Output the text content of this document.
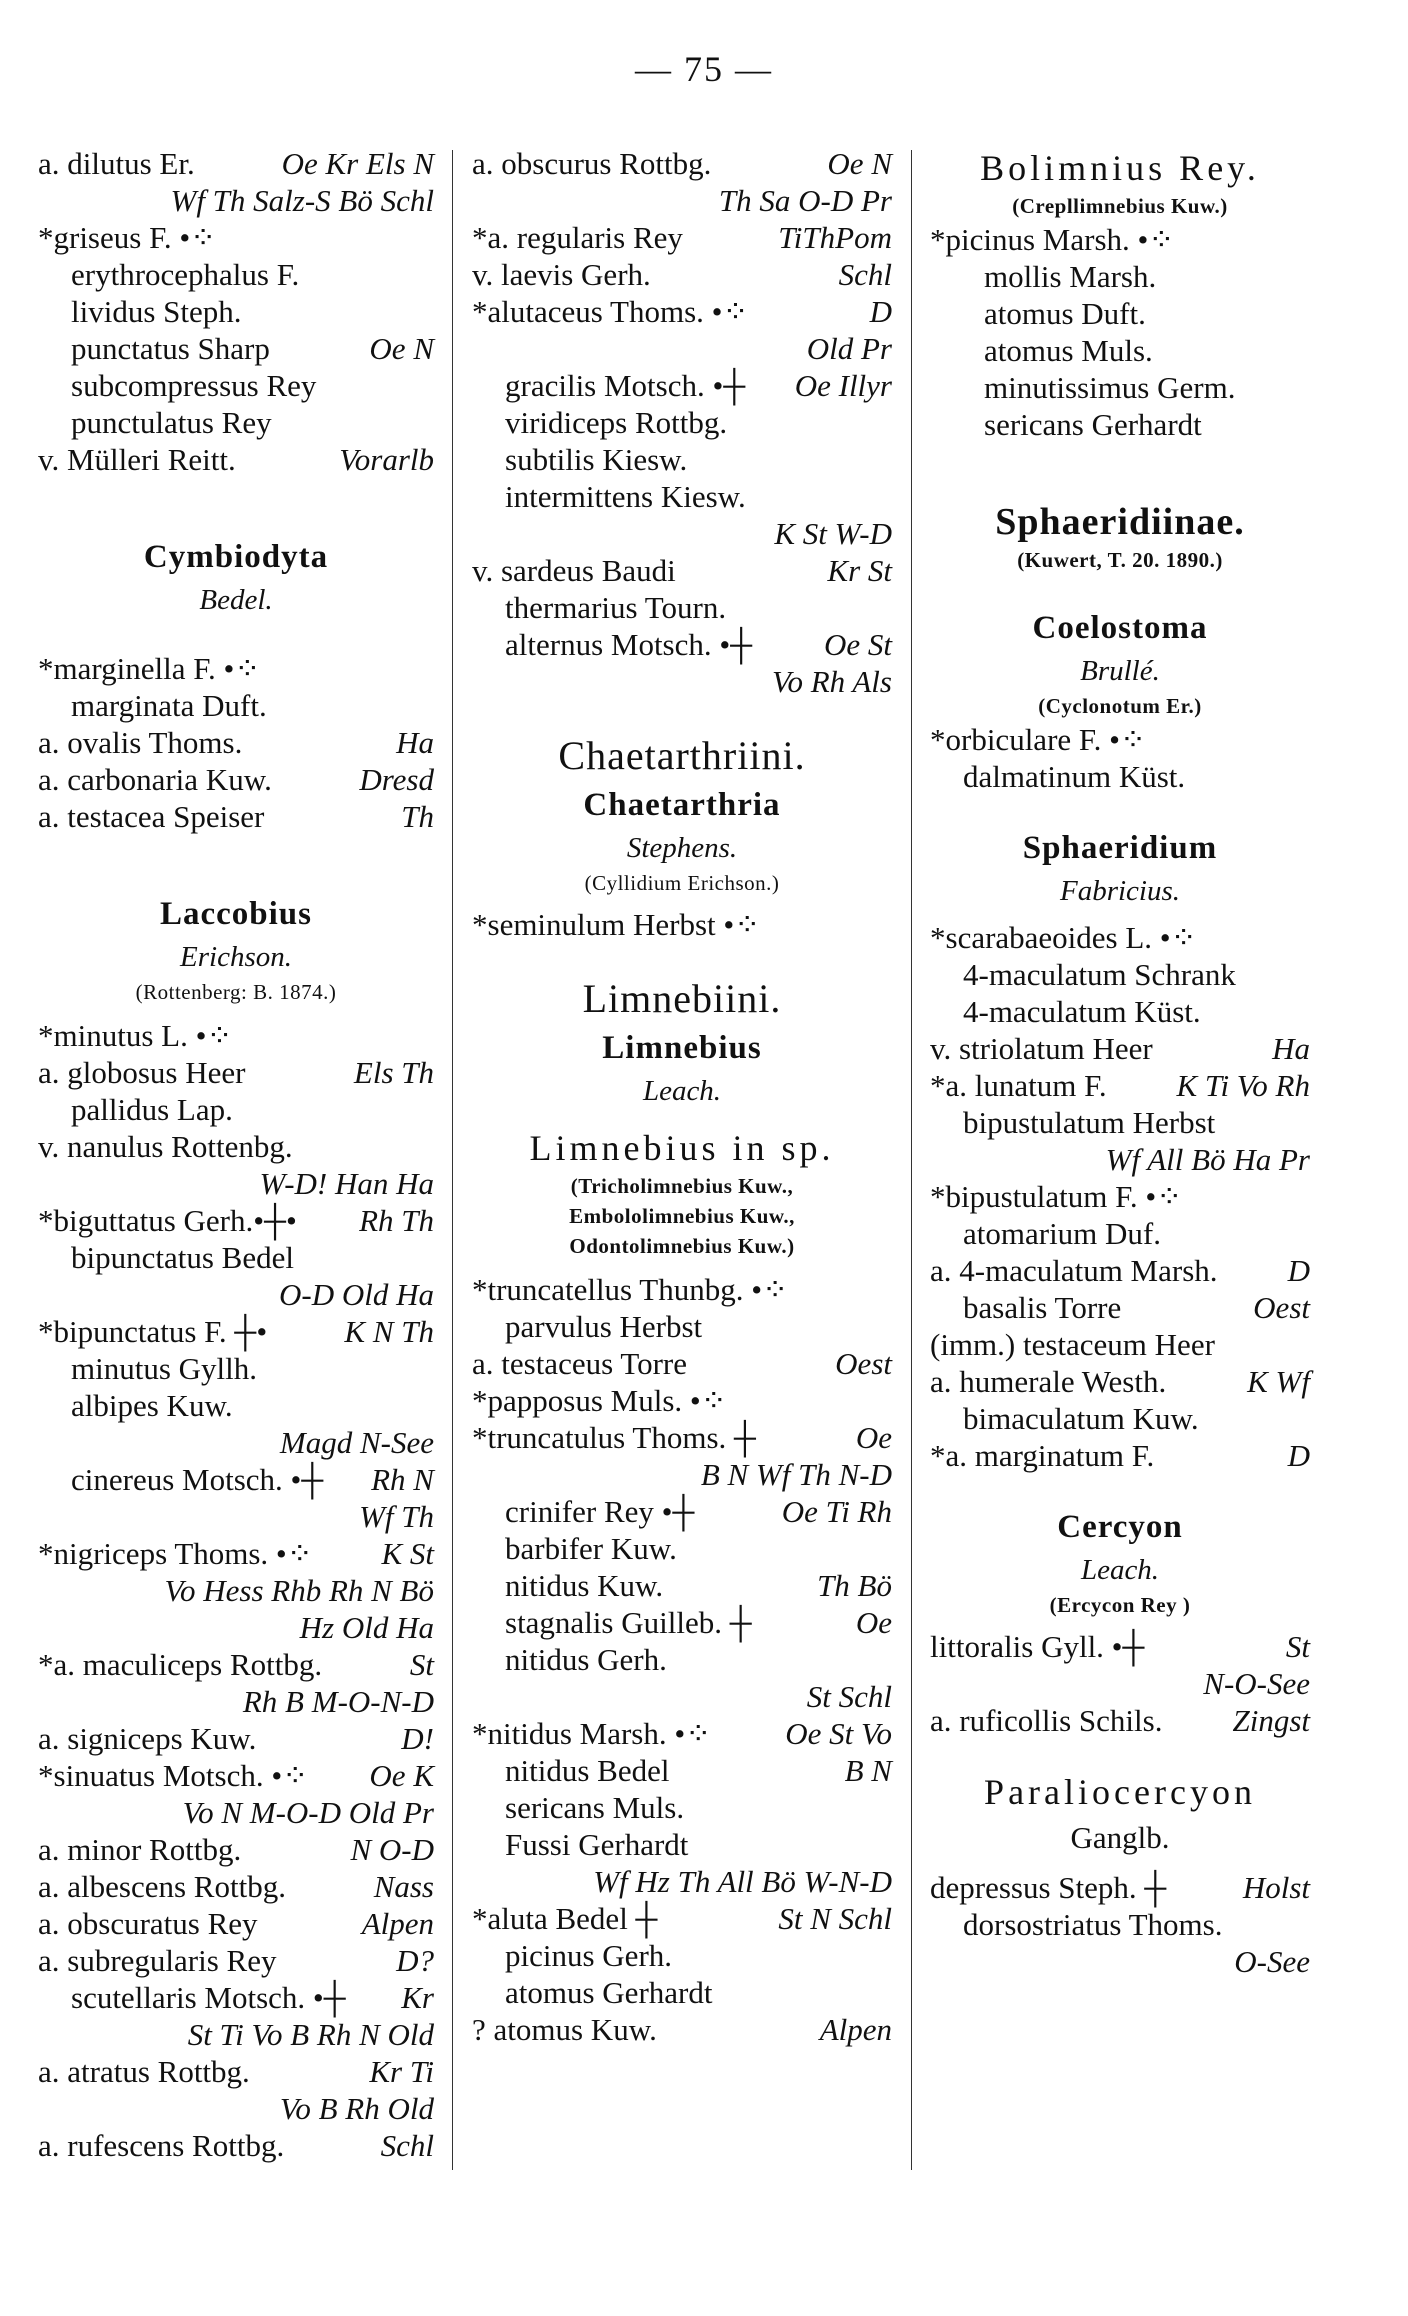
— 75 —
a. dilutus Er.	Oe Kr Els N
Wf Th Salz-S Bö Schl
*griseus F. •⁘
erythrocephalus F.
lividus Steph.
punctatus Sharp	Oe N
subcompressus Rey
punctulatus Rey
v. Mülleri Reitt.	Vorarlb
Cymbiodyta
Bedel.
*marginella F. •⁘
marginata Duft.
a. ovalis Thoms.	Ha
a. carbonaria Kuw.	Dresd
a. testacea Speiser	Th
Laccobius
Erichson.
(Rottenberg: B. 1874.)
*minutus L. •⁘
a. globosus Heer	Els Th
pallidus Lap.
v. nanulus Rottenbg.
W-D! Han Ha
*biguttatus Gerh.•┼• Rh Th
bipunctatus Bedel
O-D Old Ha
*bipunctatus F. ┼• K N Th
minutus Gyllh.
albipes Kuw.
Magd N-See
cinereus Motsch. •┼ Rh N
Wf Th
*nigriceps Thoms. •⁘ K St
Vo Hess Rhb Rh N Bö
Hz Old Ha
*a. maculiceps Rottbg.	St
Rh B M-O-N-D
a. signiceps Kuw.	D!
*sinuatus Motsch. •⁘ Oe K
Vo N M-O-D Old Pr
a. minor Rottbg.	N O-D
a. albescens Rottbg.	Nass
a. obscuratus Rey	Alpen
a. subregularis Rey	D?
scutellaris Motsch. •┼ Kr
St Ti Vo B Rh N Old
a. atratus Rottbg.	Kr Ti
Vo B Rh Old
a. rufescens Rottbg.	Schl
a. obscurus Rottbg.	Oe N
Th Sa O-D Pr
*a. regularis Rey	TiThPom
v. laevis Gerh.	Schl
*alutaceus Thoms. •⁘	D
Old Pr
gracilis Motsch. •┼ Oe Illyr
viridiceps Rottbg.
subtilis Kiesw.
intermittens Kiesw.
K St W-D
v. sardeus Baudi	Kr St
thermarius Tourn.
alternus Motsch. •┼ Oe St
Vo Rh Als
Chaetarthriini.
Chaetarthria
Stephens.
(Cyllidium Erichson.)
*seminulum Herbst •⁘
Limnebiini.
Limnebius
Leach.
Limnebius in sp.
(Tricholimnebius Kuw.,
Embololimnebius Kuw.,
Odontolimnebius Kuw.)
*truncatellus Thunbg. •⁘
parvulus Herbst
a. testaceus Torre	Oest
*papposus Muls. •⁘
*truncatulus Thoms. ┼	Oe
B N Wf Th N-D
crinifer Rey •┼	Oe Ti Rh
barbifer Kuw.
nitidus Kuw.	Th Bö
stagnalis Guilleb. ┼	Oe
nitidus Gerh.
St Schl
*nitidus Marsh. •⁘ Oe St Vo
nitidus Bedel	B N
sericans Muls.
Fussi Gerhardt
Wf Hz Th All Bö W-N-D
*aluta Bedel ┼	St N Schl
picinus Gerh.
atomus Gerhardt
? atomus Kuw.	Alpen
Bolimnius Rey.
(Crepllimnebius Kuw.)
*picinus Marsh. •⁘
mollis Marsh.
atomus Duft.
atomus Muls.
minutissimus Germ.
sericans Gerhardt
Sphaeridiinae.
(Kuwert, T. 20. 1890.)
Coelostoma
Brullé.
(Cyclonotum Er.)
*orbiculare F. •⁘
dalmatinum Küst.
Sphaeridium
Fabricius.
*scarabaeoides L. •⁘
4-maculatum Schrank
4-maculatum Küst.
v. striolatum Heer	Ha
*a. lunatum F. K Ti Vo Rh
bipustulatum Herbst
Wf All Bö Ha Pr
*bipustulatum F. •⁘
atomarium Duf.
a. 4-maculatum Marsh. D
basalis Torre	Oest
(imm.) testaceum Heer
a. humerale Westh.	K Wf
bimaculatum Kuw.
*a. marginatum F.	D
Cercyon
Leach.
(Ercycon Rey )
littoralis Gyll. •┼	St
N-O-See
a. ruficollis Schils. Zingst
Paraliocercyon
Ganglb.
depressus Steph. ┼ Holst
dorsostriatus Thoms.
O-See
